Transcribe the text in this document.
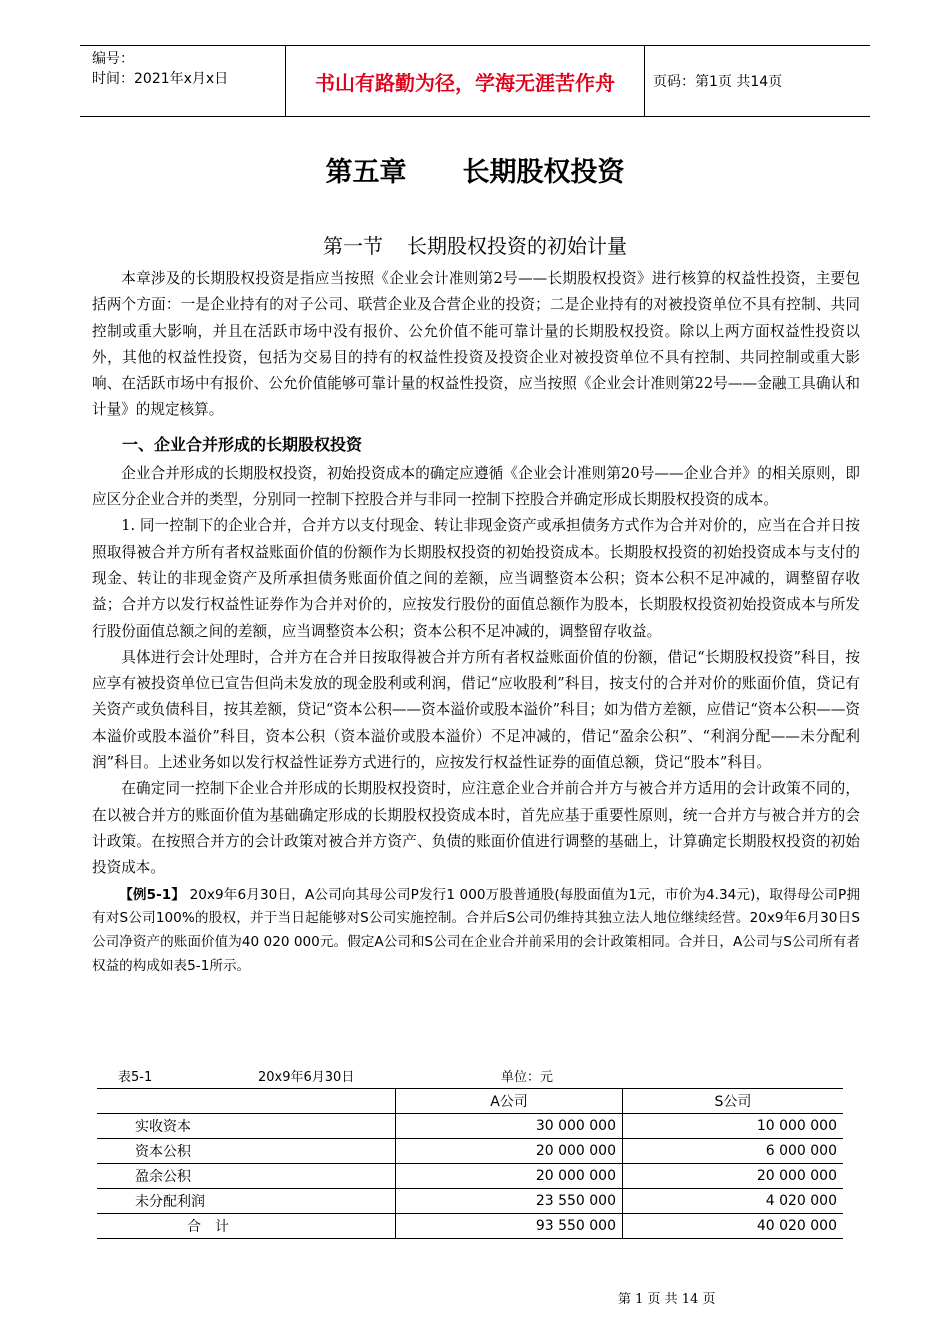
编号：
时间：2021年x月x日	书山有路勤为径，学海无涯苦作舟	页码：第1页 共14页
第五章 长期股权投资
第一节 长期股权投资的初始计量

本章涉及的长期股权投资是指应当按照《企业会计准则第2号——长期股权投资》进行核算的权益性投资，主要包括两个方面：一是企业持有的对子公司、联营企业及合营企业的投资；二是企业持有的对被投资单位不具有控制、共同控制或重大影响，并且在活跃市场中没有报价、公允价值不能可靠计量的长期股权投资。除以上两方面权益性投资以外，其他的权益性投资，包括为交易目的持有的权益性投资及投资企业对被投资单位不具有控制、共同控制或重大影响、在活跃市场中有报价、公允价值能够可靠计量的权益性投资，应当按照《企业会计准则第22号——金融工具确认和计量》的规定核算。

一、企业合并形成的长期股权投资

企业合并形成的长期股权投资，初始投资成本的确定应遵循《企业会计准则第20号——企业合并》的相关原则，即应区分企业合并的类型，分别同一控制下控股合并与非同一控制下控股合并确定形成长期股权投资的成本。

1. 同一控制下的企业合并，合并方以支付现金、转让非现金资产或承担债务方式作为合并对价的，应当在合并日按照取得被合并方所有者权益账面价值的份额作为长期股权投资的初始投资成本。长期股权投资的初始投资成本与支付的现金、转让的非现金资产及所承担债务账面价值之间的差额，应当调整资本公积；资本公积不足冲减的，调整留存收益；合并方以发行权益性证券作为合并对价的，应按发行股份的面值总额作为股本，长期股权投资初始投资成本与所发行股份面值总额之间的差额，应当调整资本公积；资本公积不足冲减的，调整留存收益。

具体进行会计处理时，合并方在合并日按取得被合并方所有者权益账面价值的份额，借记“长期股权投资”科目，按应享有被投资单位已宣告但尚未发放的现金股利或利润，借记“应收股利”科目，按支付的合并对价的账面价值，贷记有关资产或负债科目，按其差额，贷记“资本公积——资本溢价或股本溢价”科目；如为借方差额，应借记“资本公积——资本溢价或股本溢价”科目，资本公积（资本溢价或股本溢价）不足冲减的，借记“盈余公积”、“利润分配——未分配利润”科目。上述业务如以发行权益性证券方式进行的，应按发行权益性证券的面值总额，贷记“股本”科目。

在确定同一控制下企业合并形成的长期股权投资时，应注意企业合并前合并方与被合并方适用的会计政策不同的，在以被合并方的账面价值为基础确定形成的长期股权投资成本时，首先应基于重要性原则，统一合并方与被合并方的会计政策。在按照合并方的会计政策对被合并方资产、负债的账面价值进行调整的基础上，计算确定长期股权投资的初始投资成本。

【例5-1】 20x9年6月30日，A公司向其母公司P发行1 000万股普通股(每股面值为1元，市价为4.34元)，取得母公司P拥有对S公司100%的股权，并于当日起能够对S公司实施控制。合并后S公司仍维持其独立法人地位继续经营。20x9年6月30日S公司净资产的账面价值为40 020 000元。假定A公司和S公司在企业合并前采用的会计政策相同。合并日，A公司与S公司所有者权益的构成如表5-1所示。

表5-1	20x9年6月30日	单位：元
	A公司	S公司
实收资本	30 000 000	10 000 000
资本公积	20 000 000	6 000 000
盈余公积	20 000 000	20 000 000
未分配利润	23 550 000	4 020 000
合　计	93 550 000	40 020 000
第 1 页 共 14 页
